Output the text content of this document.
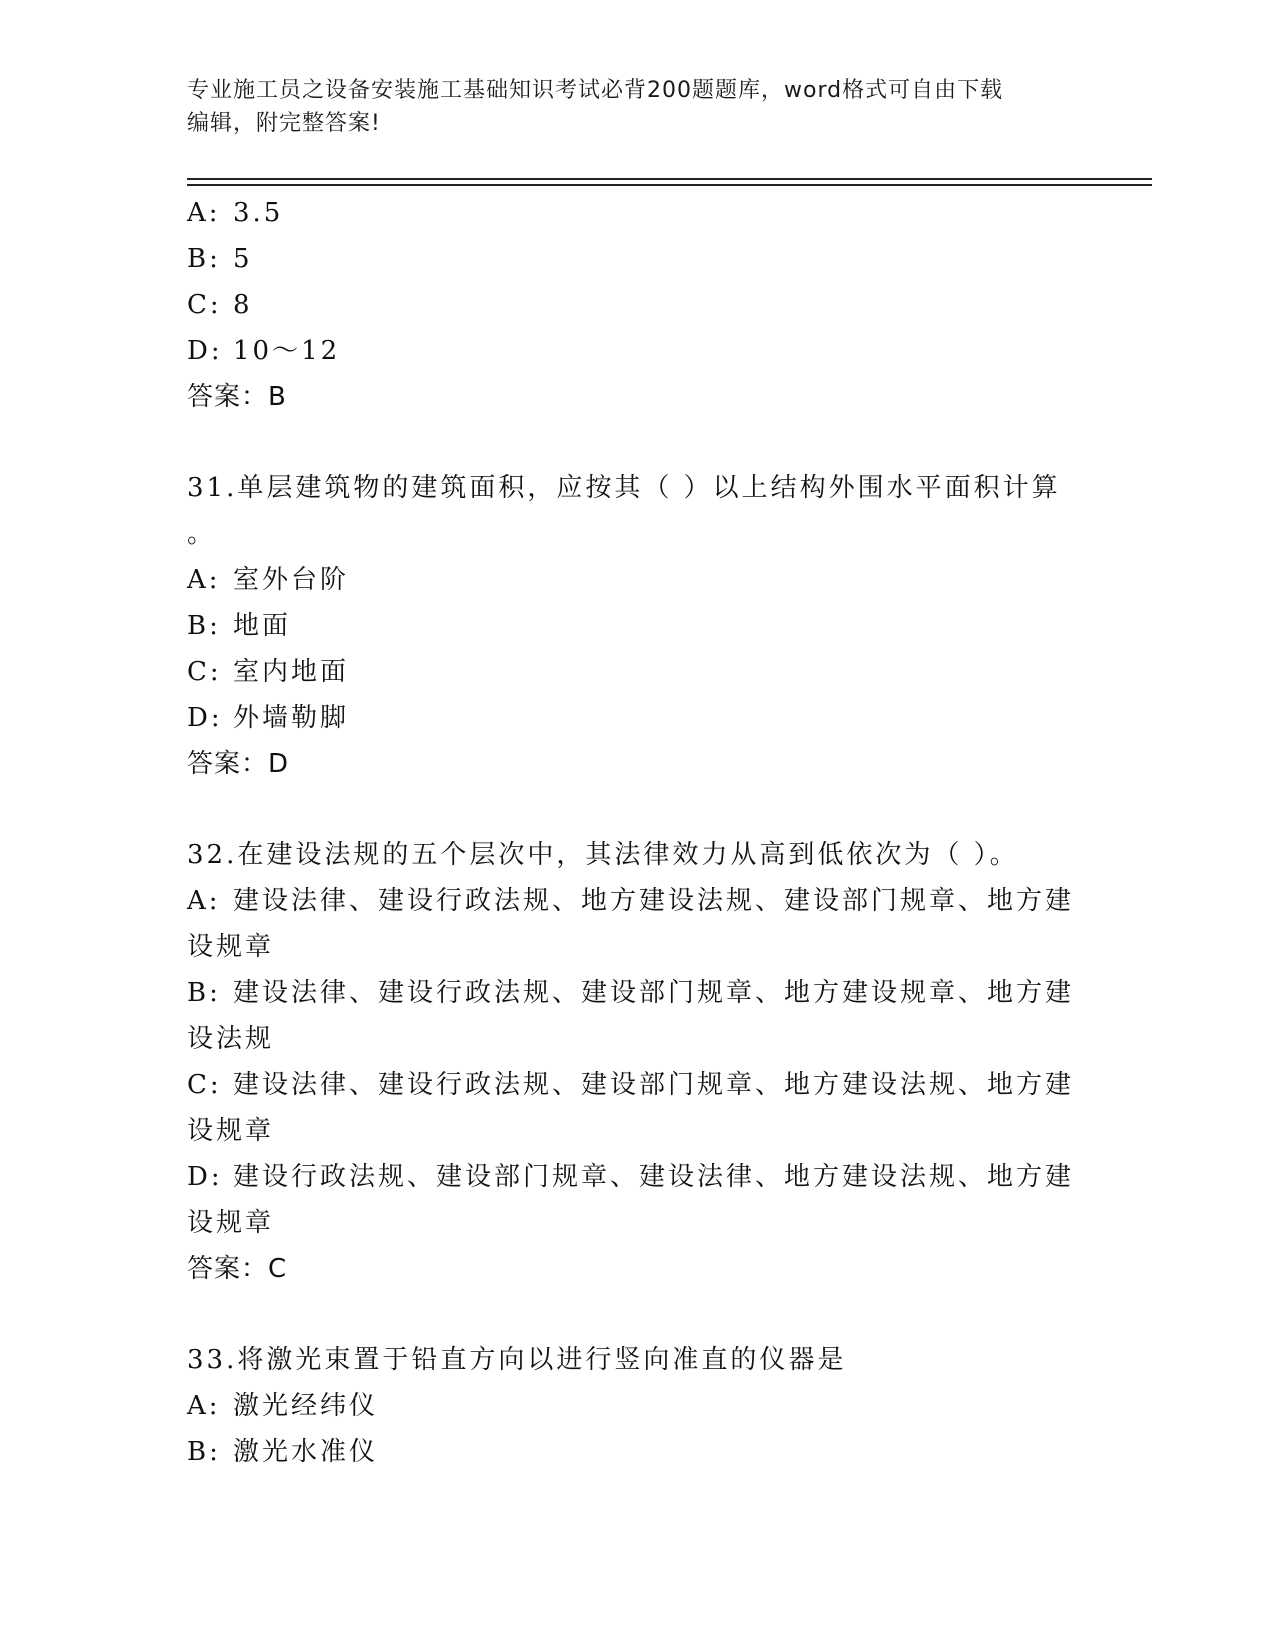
专业施工员之设备安装施工基础知识考试必背200题题库，word格式可自由下载
编辑，附完整答案!
A: 3.5
B: 5
C: 8
D: 10～12
答案：B
31.单层建筑物的建筑面积，应按其（ ）以上结构外围水平面积计算
。
A: 室外台阶
B: 地面
C: 室内地面
D: 外墙勒脚
答案：D
32.在建设法规的五个层次中，其法律效力从高到低依次为（ ）。
A: 建设法律、建设行政法规、地方建设法规、建设部门规章、地方建
设规章
B: 建设法律、建设行政法规、建设部门规章、地方建设规章、地方建
设法规
C: 建设法律、建设行政法规、建设部门规章、地方建设法规、地方建
设规章
D: 建设行政法规、建设部门规章、建设法律、地方建设法规、地方建
设规章
答案：C
33.将激光束置于铅直方向以进行竖向准直的仪器是
A: 激光经纬仪
B: 激光水准仪
